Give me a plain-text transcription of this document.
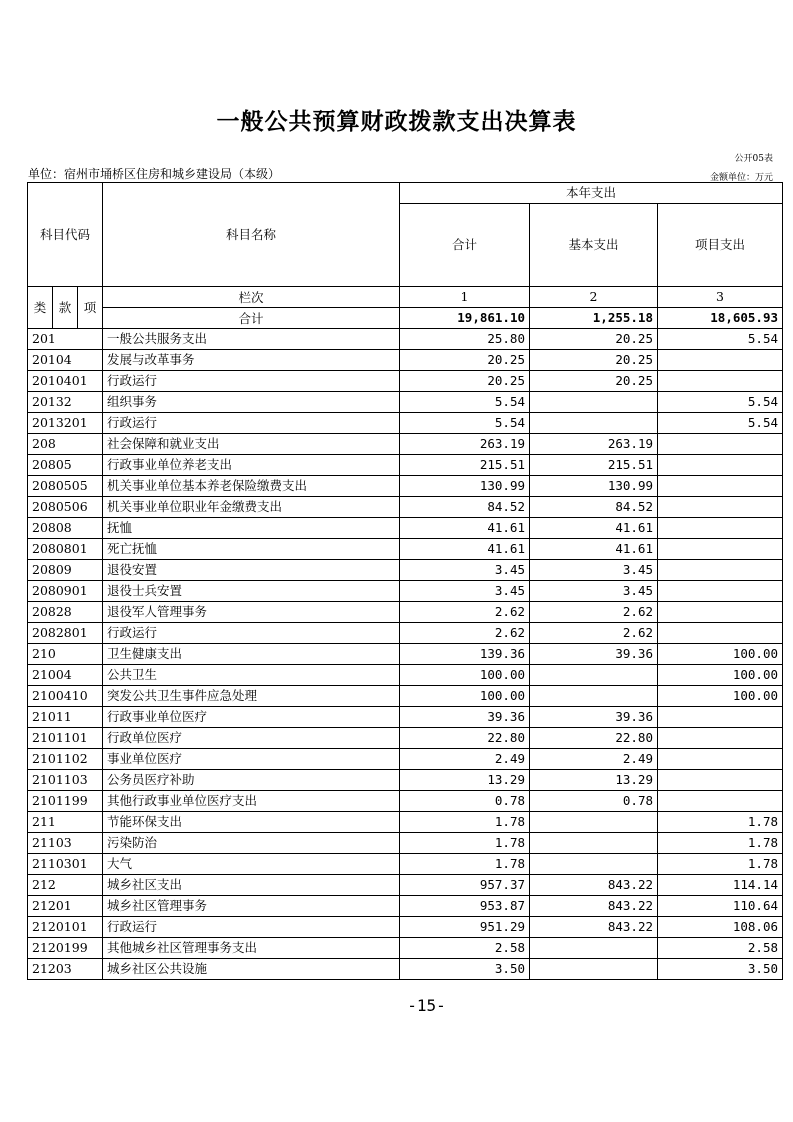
一般公共预算财政拨款支出决算表
公开05表
单位：宿州市埇桥区住房和城乡建设局（本级）	金额单位：万元
科目代码			科目名称	本年支出		
				合计	基本支出	项目支出
类	款	项	栏次	1	2	3
			合计	19,861.10	1,255.18	18,605.93
201			一般公共服务支出	25.80	20.25	5.54
20104			发展与改革事务	20.25	20.25	
2010401			行政运行	20.25	20.25	
20132			组织事务	5.54		5.54
2013201			行政运行	5.54		5.54
208			社会保障和就业支出	263.19	263.19	
20805			行政事业单位养老支出	215.51	215.51	
2080505			机关事业单位基本养老保险缴费支出	130.99	130.99	
2080506			机关事业单位职业年金缴费支出	84.52	84.52	
20808			抚恤	41.61	41.61	
2080801			死亡抚恤	41.61	41.61	
20809			退役安置	3.45	3.45	
2080901			退役士兵安置	3.45	3.45	
20828			退役军人管理事务	2.62	2.62	
2082801			行政运行	2.62	2.62	
210			卫生健康支出	139.36	39.36	100.00
21004			公共卫生	100.00		100.00
2100410			突发公共卫生事件应急处理	100.00		100.00
21011			行政事业单位医疗	39.36	39.36	
2101101			行政单位医疗	22.80	22.80	
2101102			事业单位医疗	2.49	2.49	
2101103			公务员医疗补助	13.29	13.29	
2101199			其他行政事业单位医疗支出	0.78	0.78	
211			节能环保支出	1.78		1.78
21103			污染防治	1.78		1.78
2110301			大气	1.78		1.78
212			城乡社区支出	957.37	843.22	114.14
21201			城乡社区管理事务	953.87	843.22	110.64
2120101			行政运行	951.29	843.22	108.06
2120199			其他城乡社区管理事务支出	2.58		2.58
21203			城乡社区公共设施	3.50		3.50
-15-
